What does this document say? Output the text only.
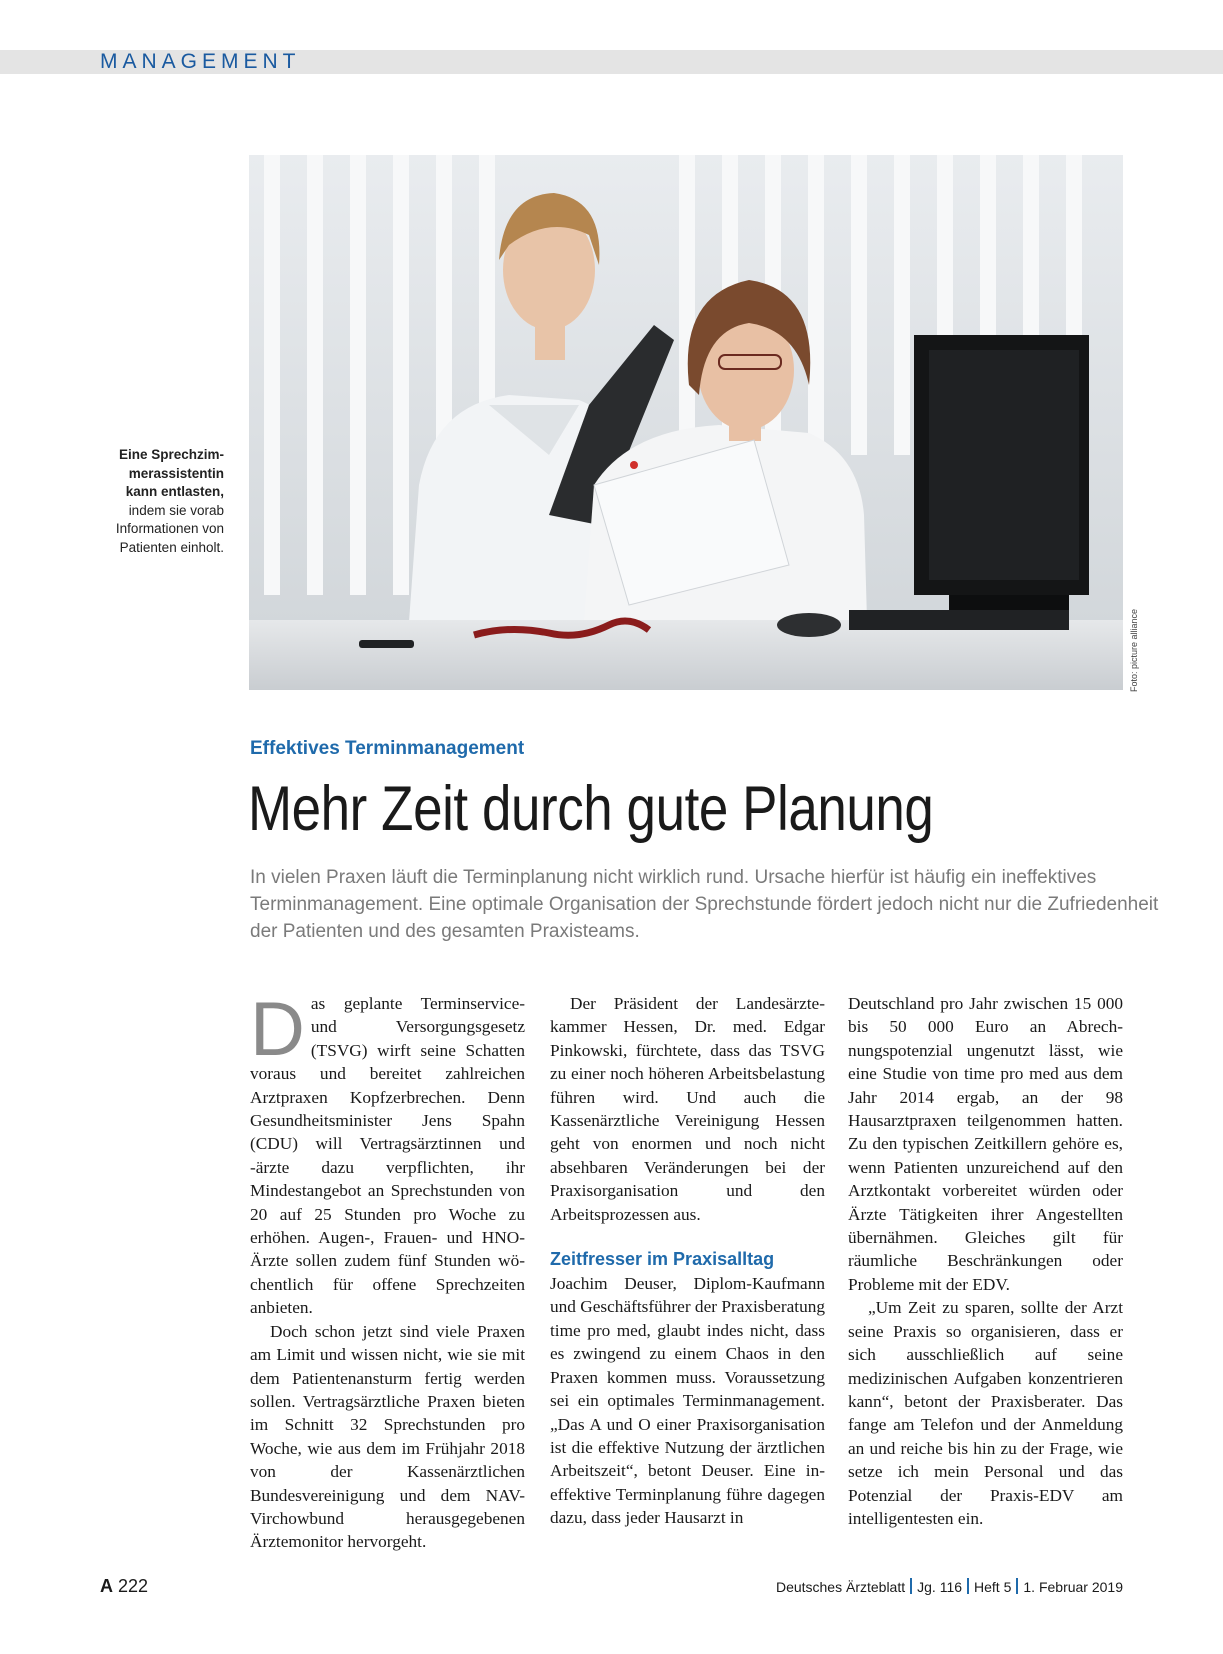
MANAGEMENT
Eine Sprechzim-merassistentin kann entlasten, indem sie vorab Informationen von Patienten einholt.
Foto: picture alliance
Effektives Terminmanagement
Mehr Zeit durch gute Planung
In vielen Praxen läuft die Terminplanung nicht wirklich rund. Ursache hierfür ist häufig ein ineffektives Terminmanagement. Eine optimale Organisation der Sprechstunde fördert jedoch nicht nur die Zufriedenheit der Patienten und des gesamten Praxisteams.
D as geplante Terminservice- und Versorgungsgesetz (TSVG) wirft seine Schatten voraus und bereitet zahlreichen Arztpraxen Kopfzerbrechen. Denn Gesundheitsminister Jens Spahn (CDU) will Vertragsärztinnen und -ärzte dazu verpflichten, ihr Mindestangebot an Sprechstunden von 20 auf 25 Stunden pro Woche zu erhöhen. Augen-, Frauen- und HNO-Ärzte sollen zudem fünf Stunden wöchentlich für offene Sprechzeiten anbieten.

Doch schon jetzt sind viele Praxen am Limit und wissen nicht, wie sie mit dem Patientenansturm fertig werden sollen. Vertragsärztliche Praxen bieten im Schnitt 32 Sprechstunden pro Woche, wie aus dem im Frühjahr 2018 von der Kassenärztlichen Bundesvereinigung und dem NAV-Virchowbund herausgegebenen Ärztemonitor hervorgeht.

Der Präsident der Landesärztekammer Hessen, Dr. med. Edgar Pinkowski, fürchtete, dass das TSVG zu einer noch höheren Arbeitsbelastung führen wird. Und auch die Kassenärztliche Vereinigung Hessen geht von enormen und noch nicht absehbaren Veränderungen bei der Praxisorganisation und den Arbeitsprozessen aus.

Zeitfresser im Praxisalltag

Joachim Deuser, Diplom-Kaufmann und Geschäftsführer der Praxisberatung time pro med, glaubt indes nicht, dass es zwingend zu einem Chaos in den Praxen kommen muss. Voraussetzung sei ein optimales Terminmanagement. „Das A und O einer Praxisorganisation ist die effektive Nutzung der ärztlichen Arbeitszeit“, betont Deuser. Eine ineffektive Terminplanung führe dagegen dazu, dass jeder Hausarzt in

Deutschland pro Jahr zwischen 15 000 bis 50 000 Euro an Abrechnungspotenzial ungenutzt lässt, wie eine Studie von time pro med aus dem Jahr 2014 ergab, an der 98 Hausarztpraxen teilgenommen hatten. Zu den typischen Zeitkillern gehöre es, wenn Patienten unzureichend auf den Arztkontakt vorbereitet würden oder Ärzte Tätigkeiten ihrer Angestellten übernähmen. Gleiches gilt für räumliche Beschränkungen oder Probleme mit der EDV.

„Um Zeit zu sparen, sollte der Arzt seine Praxis so organisieren, dass er sich ausschließlich auf seine medizinischen Aufgaben konzentrieren kann“, betont der Praxisberater. Das fange am Telefon und der Anmeldung an und reiche bis hin zu der Frage, wie setze ich mein Personal und das Potenzial der Praxis-EDV am intelligentesten ein.

A 222	Deutsches Ärzteblatt Jg. 116 Heft 5 1. Februar 2019
